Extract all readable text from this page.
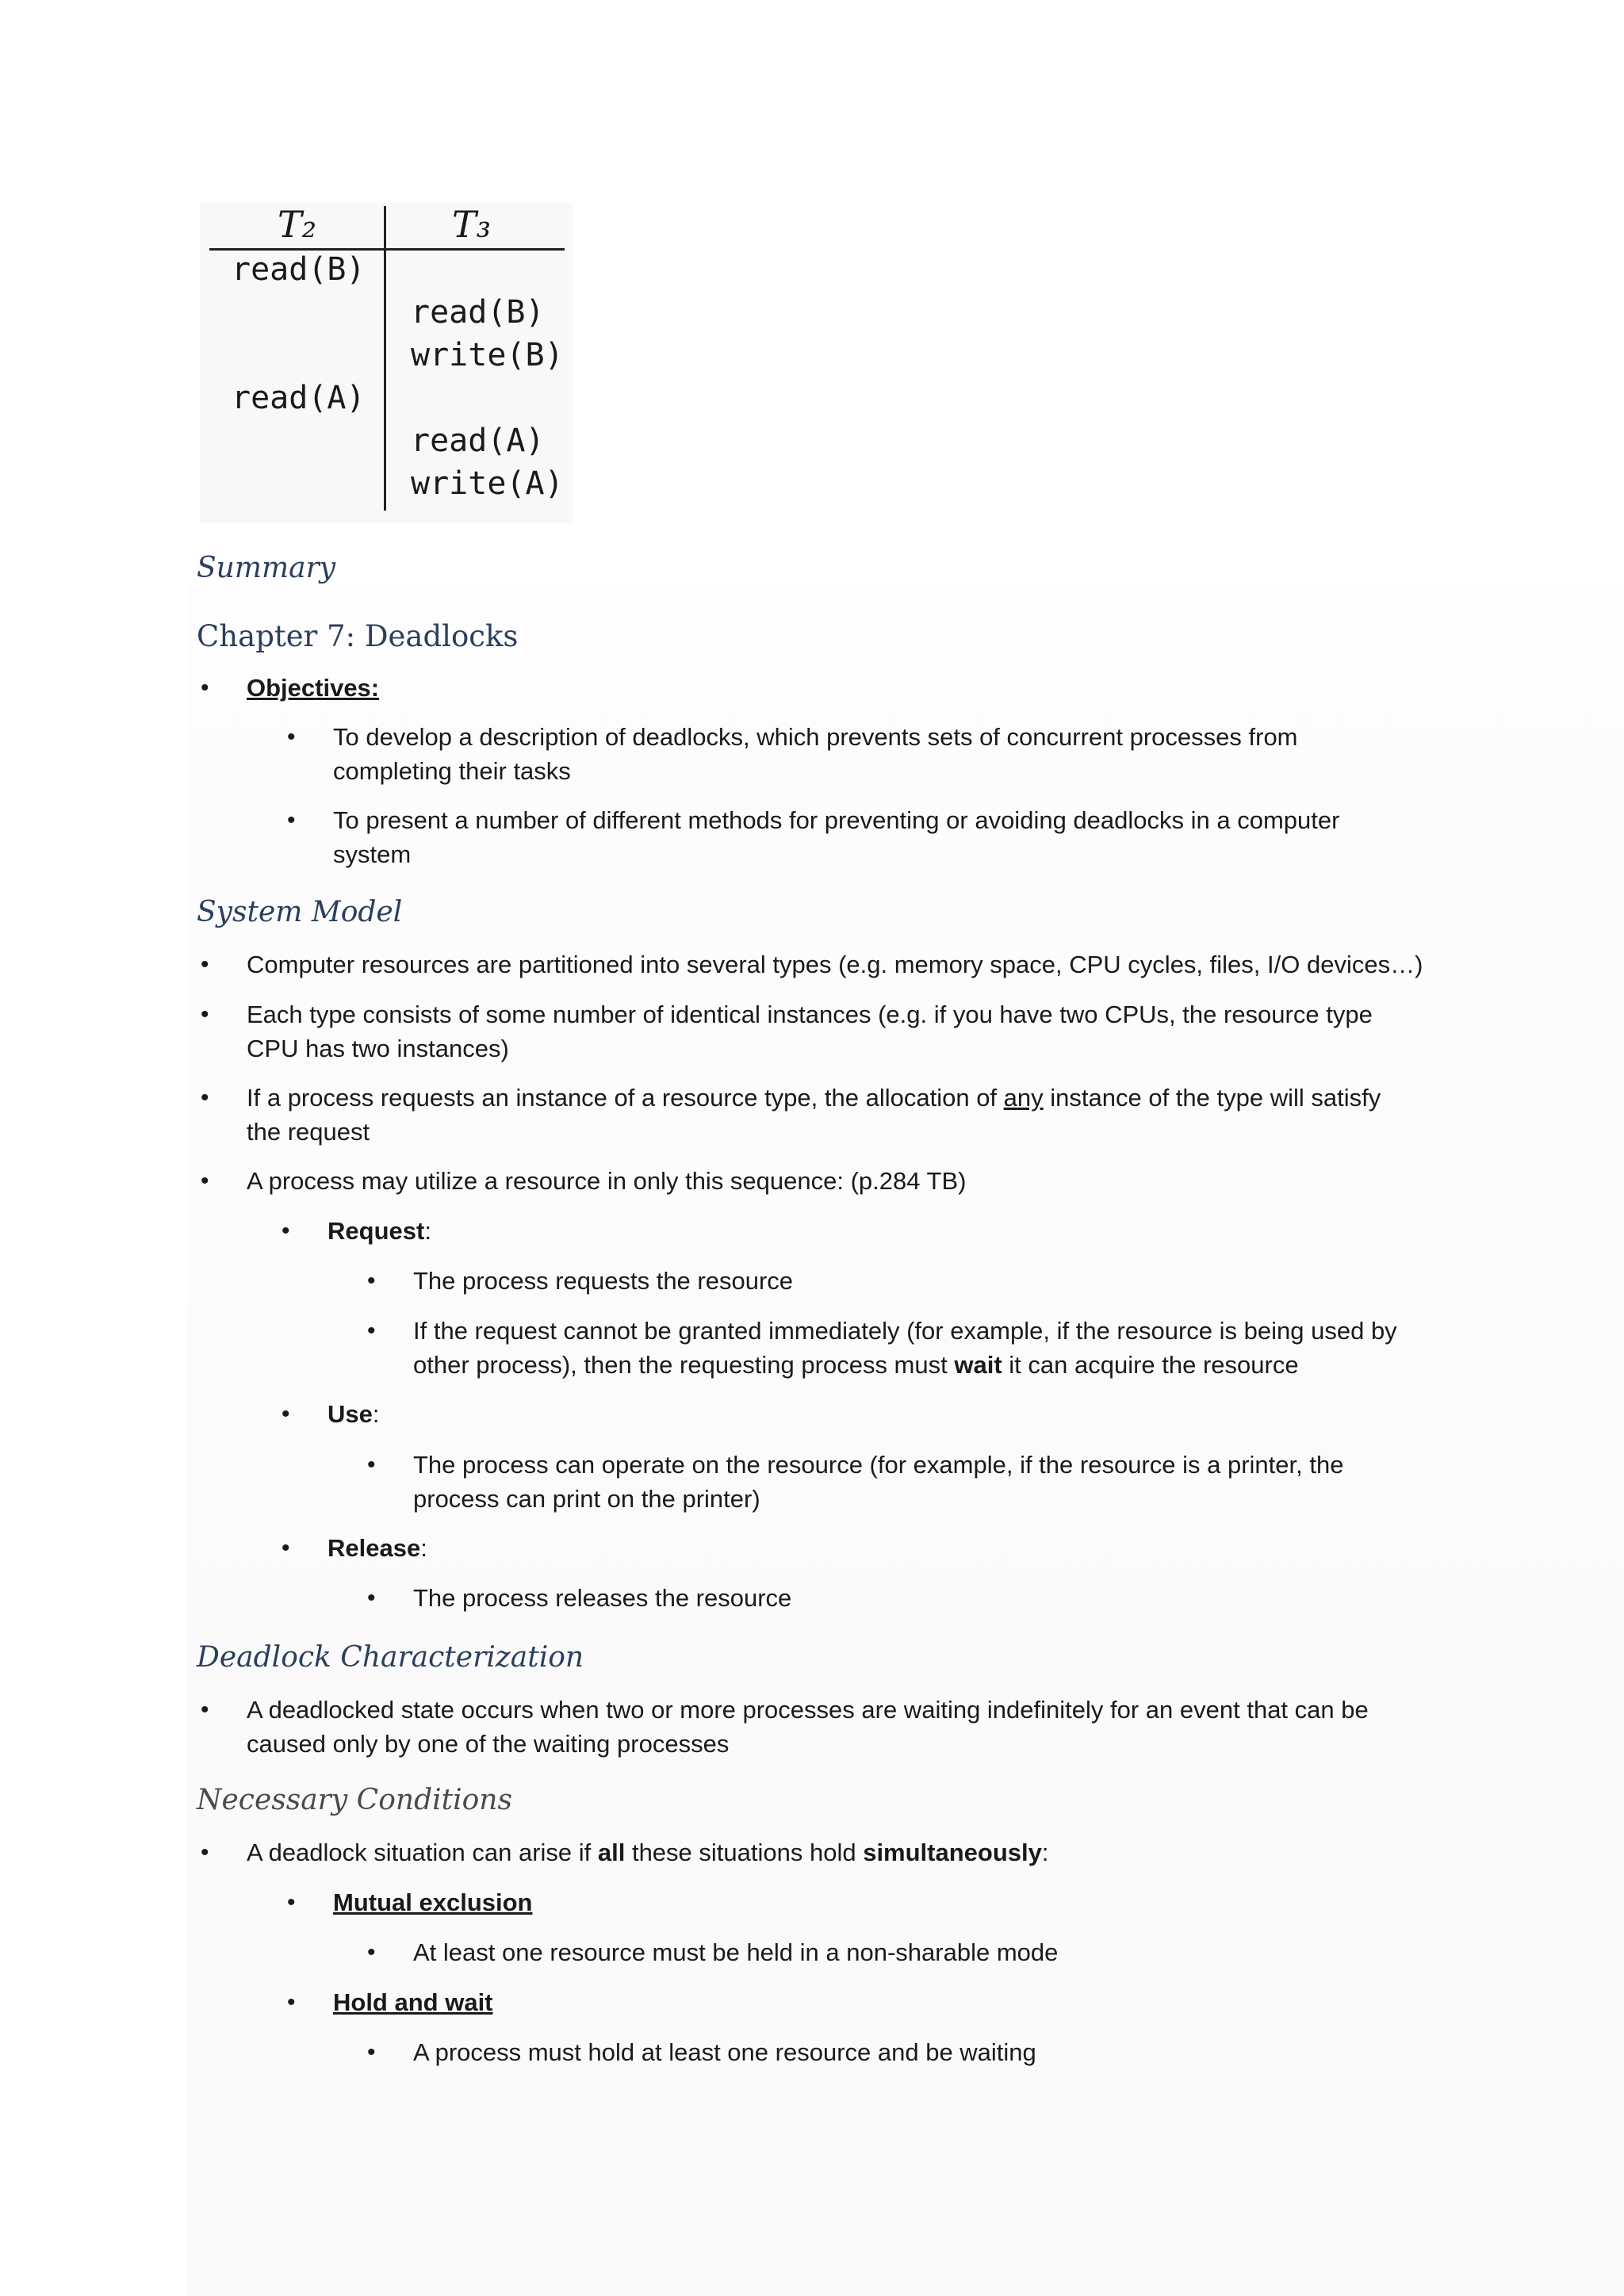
T₂	T₃
read(B)
read(B)
write(B)
read(A)
read(A)
write(A)
Summary
Chapter 7: Deadlocks
• Objectives:
• To develop a description of deadlocks, which prevents sets of concurrent processes from completing their tasks
• To present a number of different methods for preventing or avoiding deadlocks in a computer system
System Model
• Computer resources are partitioned into several types (e.g. memory space, CPU cycles, files, I/O devices…)
• Each type consists of some number of identical instances (e.g. if you have two CPUs, the resource type CPU has two instances)
• If a process requests an instance of a resource type, the allocation of any instance of the type will satisfy the request
• A process may utilize a resource in only this sequence: (p.284 TB)
• Request:
• The process requests the resource
• If the request cannot be granted immediately (for example, if the resource is being used by other process), then the requesting process must wait it can acquire the resource
• Use:
• The process can operate on the resource (for example, if the resource is a printer, the process can print on the printer)
• Release:
• The process releases the resource
Deadlock Characterization
• A deadlocked state occurs when two or more processes are waiting indefinitely for an event that can be caused only by one of the waiting processes
Necessary Conditions
• A deadlock situation can arise if all these situations hold simultaneously:
• Mutual exclusion
• At least one resource must be held in a non-sharable mode
• Hold and wait
• A process must hold at least one resource and be waiting
